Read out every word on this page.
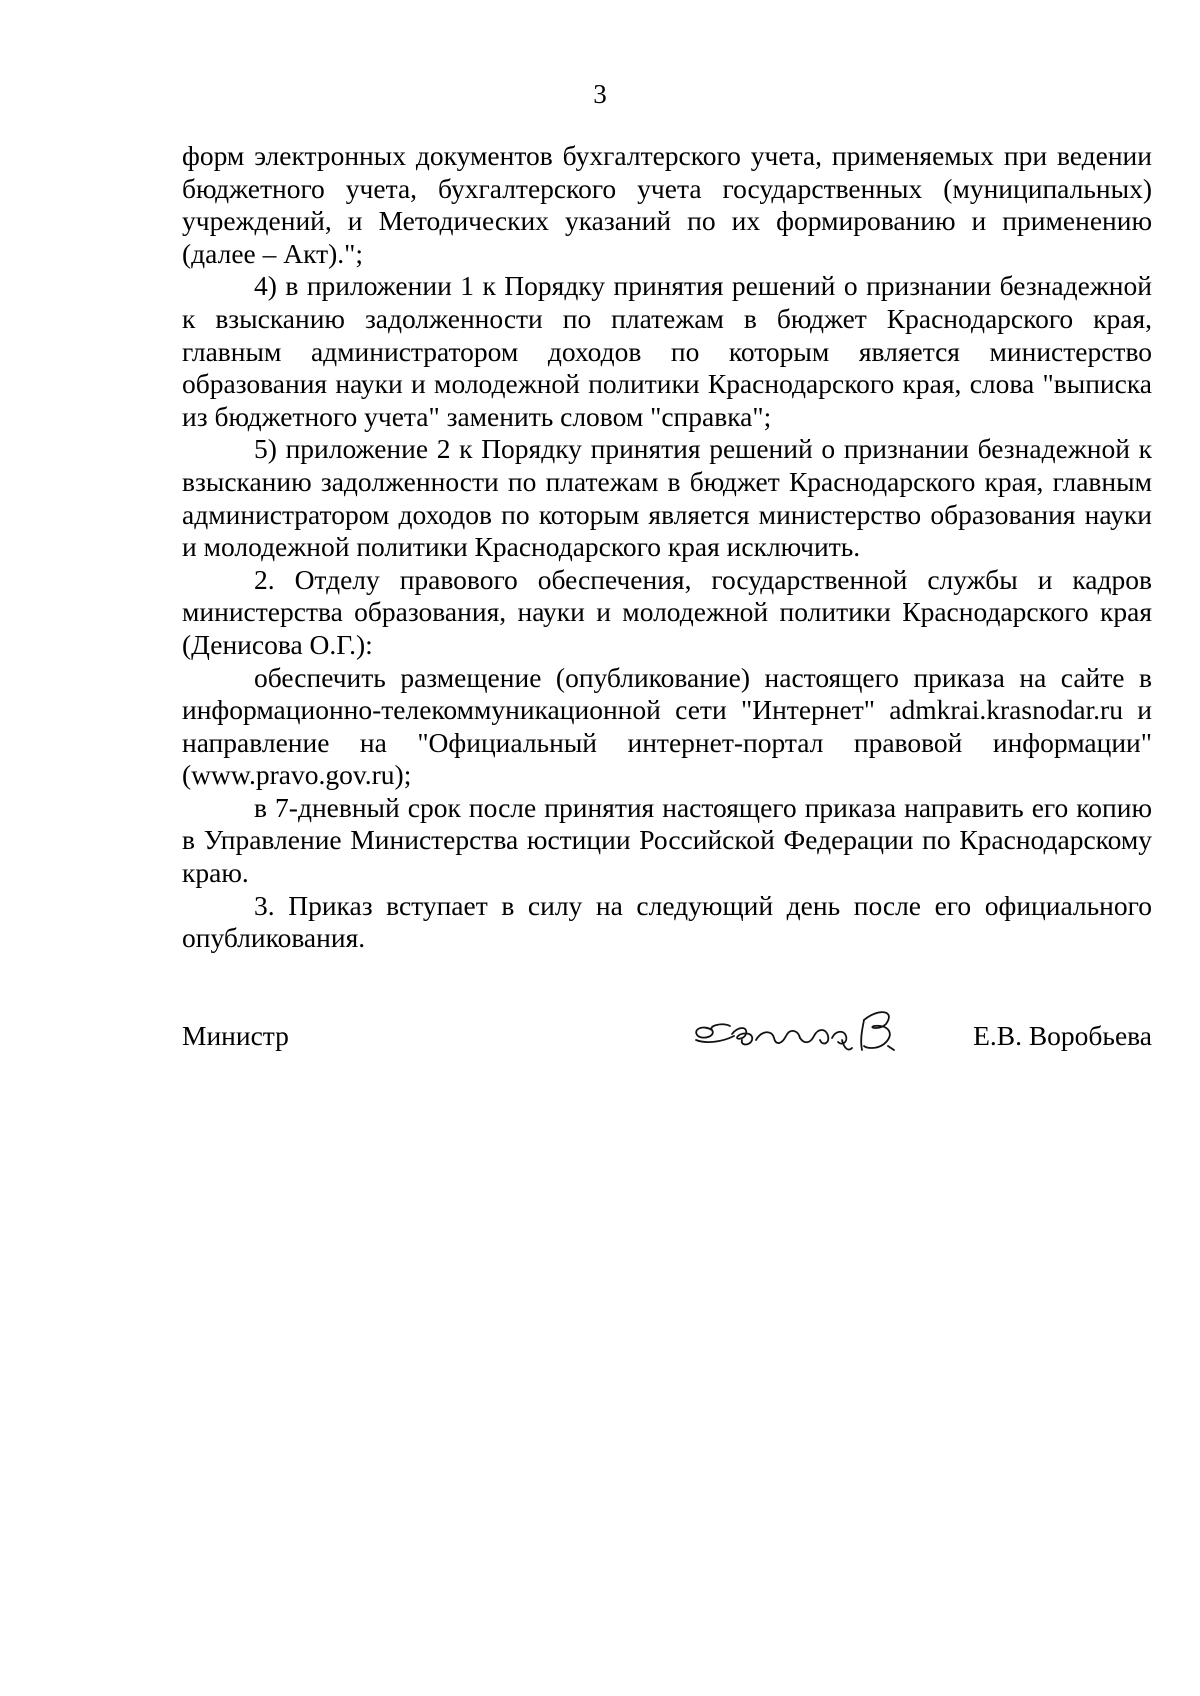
3

форм электронных документов бухгалтерского учета, применяемых при ведении бюджетного учета, бухгалтерского учета государственных (муниципальных) учреждений, и Методических указаний по их формированию и применению (далее – Акт).";

4) в приложении 1 к Порядку принятия решений о признании безнадежной к взысканию задолженности по платежам в бюджет Краснодарского края, главным администратором доходов по которым является министерство образования науки и молодежной политики Краснодарского края, слова "выписка из бюджетного учета" заменить словом "справка";

5) приложение 2 к Порядку принятия решений о признании безнадежной к взысканию задолженности по платежам в бюджет Краснодарского края, главным администратором доходов по которым является министерство образования науки и молодежной политики Краснодарского края исключить.

2. Отделу правового обеспечения, государственной службы и кадров министерства образования, науки и молодежной политики Краснодарского края (Денисова О.Г.):

обеспечить размещение (опубликование) настоящего приказа на сайте в информационно-телекоммуникационной сети "Интернет" admkrai.krasnodar.ru и направление на "Официальный интернет-портал правовой информации" (www.pravo.gov.ru);

в 7-дневный срок после принятия настоящего приказа направить его копию в Управление Министерства юстиции Российской Федерации по Краснодарскому краю.

3. Приказ вступает в силу на следующий день после его официального опубликования.

Министр	Е.В. Воробьева
